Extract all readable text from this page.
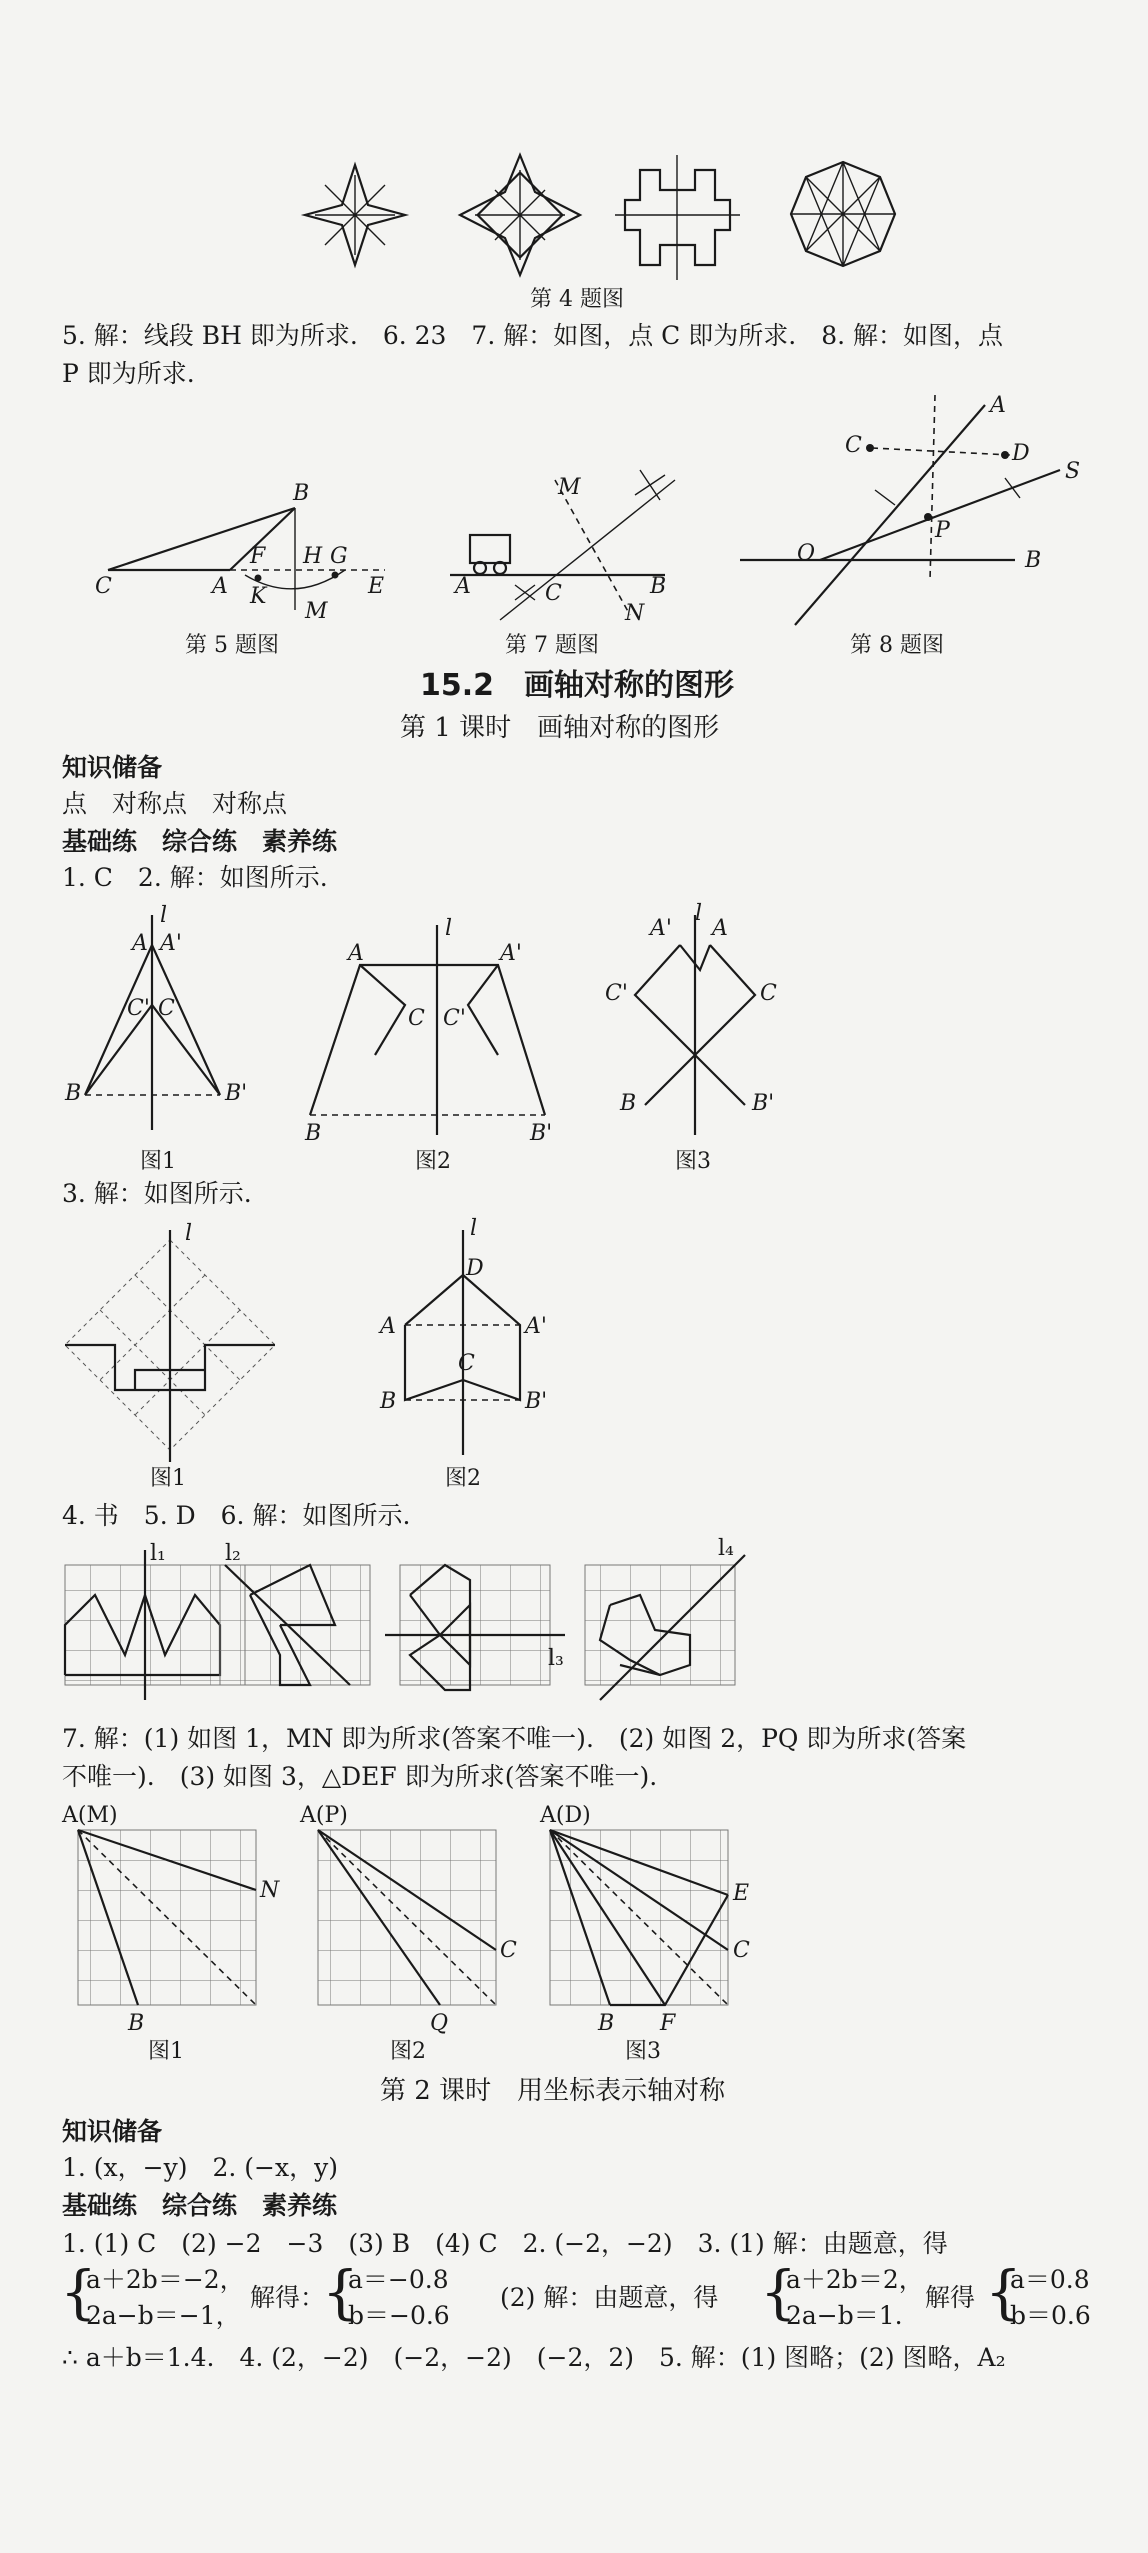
第 4 题图
5. 解：线段 BH 即为所求.　6. 23　7. 解：如图，点 C 即为所求.　8. 解：如图，点
P 即为所求.
B
C	A
F H G
K	E
M
M
A	C	B
N
A
C	D
S
P
O	B
第 5 题图	第 7 题图	第 8 题图
15.2　画轴对称的图形
第 1 课时　画轴对称的图形
知识储备
点　对称点　对称点
基础练　综合练　素养练
1. C　2. 解：如图所示.
l
A A'
C' C
B	B'
l
A	A'
C C'
B	B'
A'
l
A
C'	C
B	B'
图1	图2	图3
3. 解：如图所示.
l	l
D
A	A'
C
B	B'
图1	图2
4. 书　5. D　6. 解：如图所示.
l₁	l₂
l₃
l₄
7. 解：(1) 如图 1，MN 即为所求(答案不唯一).　(2) 如图 2，PQ 即为所求(答案
不唯一).　(3) 如图 3，△DEF 即为所求(答案不唯一).
A(M)
N
B
A(P)
C
Q
A(D)
E
C
B F
图1	图2	图3
第 2 课时　用坐标表示轴对称
知识储备
1. (x，−y)　2. (−x，y)
基础练　综合练　素养练
1. (1) C　(2) −2　−3　(3) B　(4) C　2. (−2，−2)　3. (1) 解：由题意，得
{
a＋2b＝−2，
2a−b＝−1，
解得：
{
a＝−0.8
b＝−0.6
(2) 解：由题意，得 {
a＋2b＝2，
2a−b＝1.
解得 {
a＝0.8
b＝0.6
∴ a＋b＝1.4.　4. (2，−2)　(−2，−2)　(−2，2)　5. 解：(1) 图略；(2) 图略，A₂
